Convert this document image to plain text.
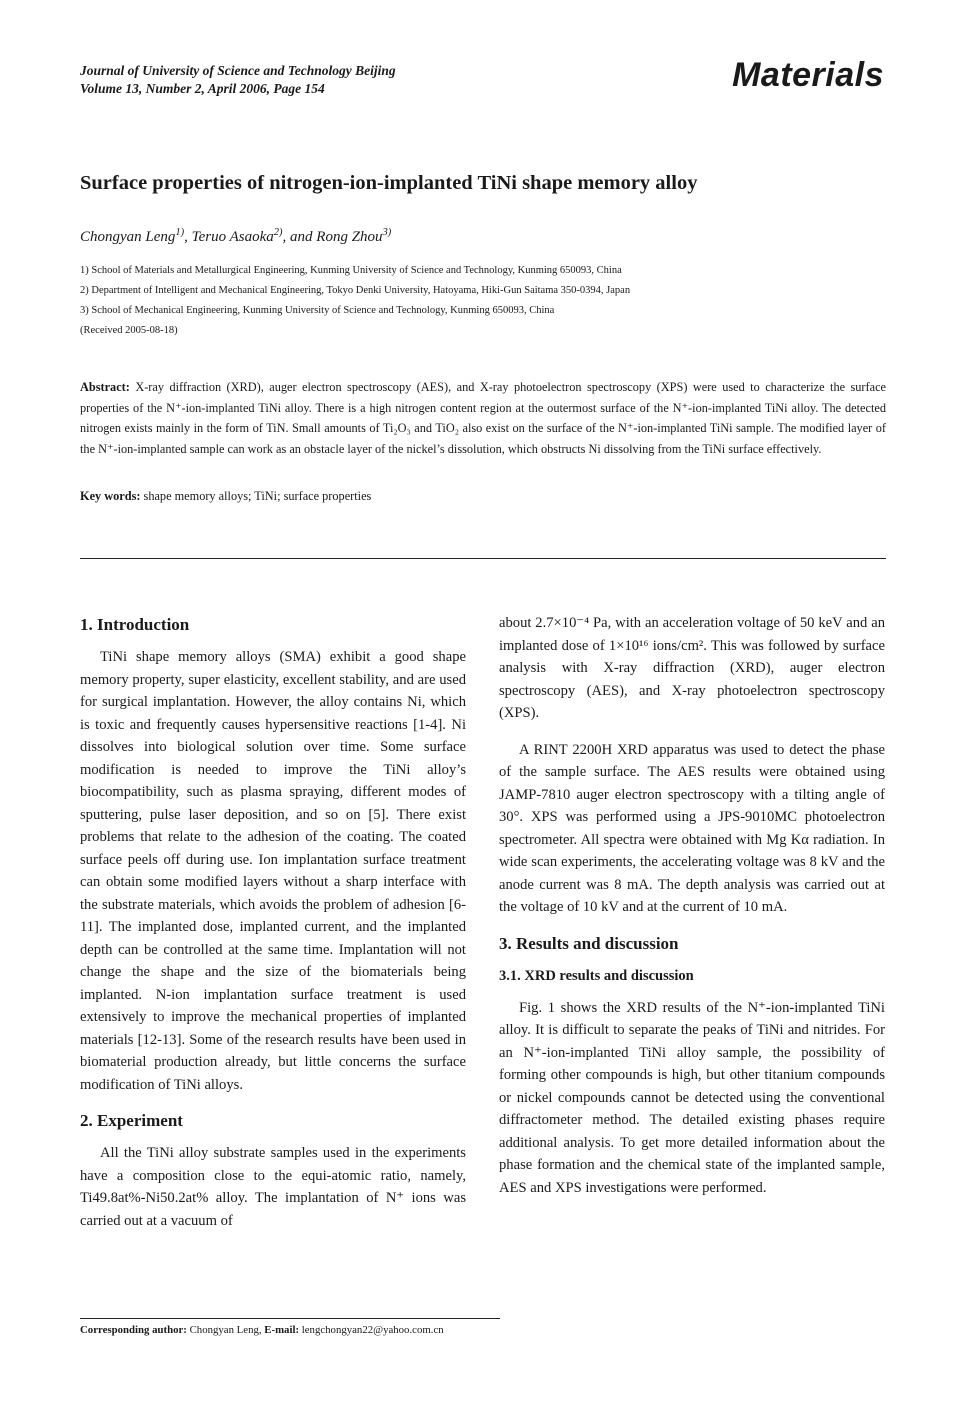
Journal of University of Science and Technology Beijing
Volume 13, Number 2, April 2006, Page 154	Materials
Surface properties of nitrogen-ion-implanted TiNi shape memory alloy
Chongyan Leng$^{1)}$, Teruo Asaoka$^{2)}$, and Rong Zhou$^{3)}$
1) School of Materials and Metallurgical Engineering, Kunming University of Science and Technology, Kunming 650093, China
2) Department of Intelligent and Mechanical Engineering, Tokyo Denki University, Hatoyama, Hiki-Gun Saitama 350-0394, Japan
3) School of Mechanical Engineering, Kunming University of Science and Technology, Kunming 650093, China
(Received 2005-08-18)
Abstract: X-ray diffraction (XRD), auger electron spectroscopy (AES), and X-ray photoelectron spectroscopy (XPS) were used to characterize the surface properties of the N⁺-ion-implanted TiNi alloy. There is a high nitrogen content region at the outermost surface of the N⁺-ion-implanted TiNi alloy. The detected nitrogen exists mainly in the form of TiN. Small amounts of Ti₂O₃ and TiO₂ also exist on the surface of the N⁺-ion-implanted TiNi sample. The modified layer of the N⁺-ion-implanted sample can work as an obstacle layer of the nickel’s dissolution, which obstructs Ni dissolving from the TiNi surface effectively.
Key words: shape memory alloys; TiNi; surface properties
1. Introduction

TiNi shape memory alloys (SMA) exhibit a good shape memory property, super elasticity, excellent stability, and are used for surgical implantation. However, the alloy contains Ni, which is toxic and frequently causes hypersensitive reactions [1-4]. Ni dissolves into biological solution over time. Some surface modification is needed to improve the TiNi alloy’s biocompatibility, such as plasma spraying, different modes of sputtering, pulse laser deposition, and so on [5]. There exist problems that relate to the adhesion of the coating. The coated surface peels off during use. Ion implantation surface treatment can obtain some modified layers without a sharp interface with the substrate materials, which avoids the problem of adhesion [6-11]. The implanted dose, implanted current, and the implanted depth can be controlled at the same time. Implantation will not change the shape and the size of the biomaterials being implanted. N-ion implantation surface treatment is used extensively to improve the mechanical properties of implanted materials [12-13]. Some of the research results have been used in biomaterial production already, but little concerns the surface modification of TiNi alloys.

2. Experiment

All the TiNi alloy substrate samples used in the experiments have a composition close to the equi-atomic ratio, namely, Ti49.8at%-Ni50.2at% alloy. The implantation of N⁺ ions was carried out at a vacuum of

about 2.7×10⁻⁴ Pa, with an acceleration voltage of 50 keV and an implanted dose of 1×10¹⁶ ions/cm². This was followed by surface analysis with X-ray diffraction (XRD), auger electron spectroscopy (AES), and X-ray photoelectron spectroscopy (XPS).

A RINT 2200H XRD apparatus was used to detect the phase of the sample surface. The AES results were obtained using JAMP-7810 auger electron spectroscopy with a tilting angle of 30°. XPS was performed using a JPS-9010MC photoelectron spectrometer. All spectra were obtained with Mg Kα radiation. In wide scan experiments, the accelerating voltage was 8 kV and the anode current was 8 mA. The depth analysis was carried out at the voltage of 10 kV and at the current of 10 mA.

3. Results and discussion
3.1. XRD results and discussion

Fig. 1 shows the XRD results of the N⁺-ion-implanted TiNi alloy. It is difficult to separate the peaks of TiNi and nitrides. For an N⁺-ion-implanted TiNi alloy sample, the possibility of forming other compounds is high, but other titanium compounds or nickel compounds cannot be detected using the conventional diffractometer method. The detailed existing phases require additional analysis. To get more detailed information about the phase formation and the chemical state of the implanted sample, AES and XPS investigations were performed.

Corresponding author: Chongyan Leng, E-mail: lengchongyan22@yahoo.com.cn
